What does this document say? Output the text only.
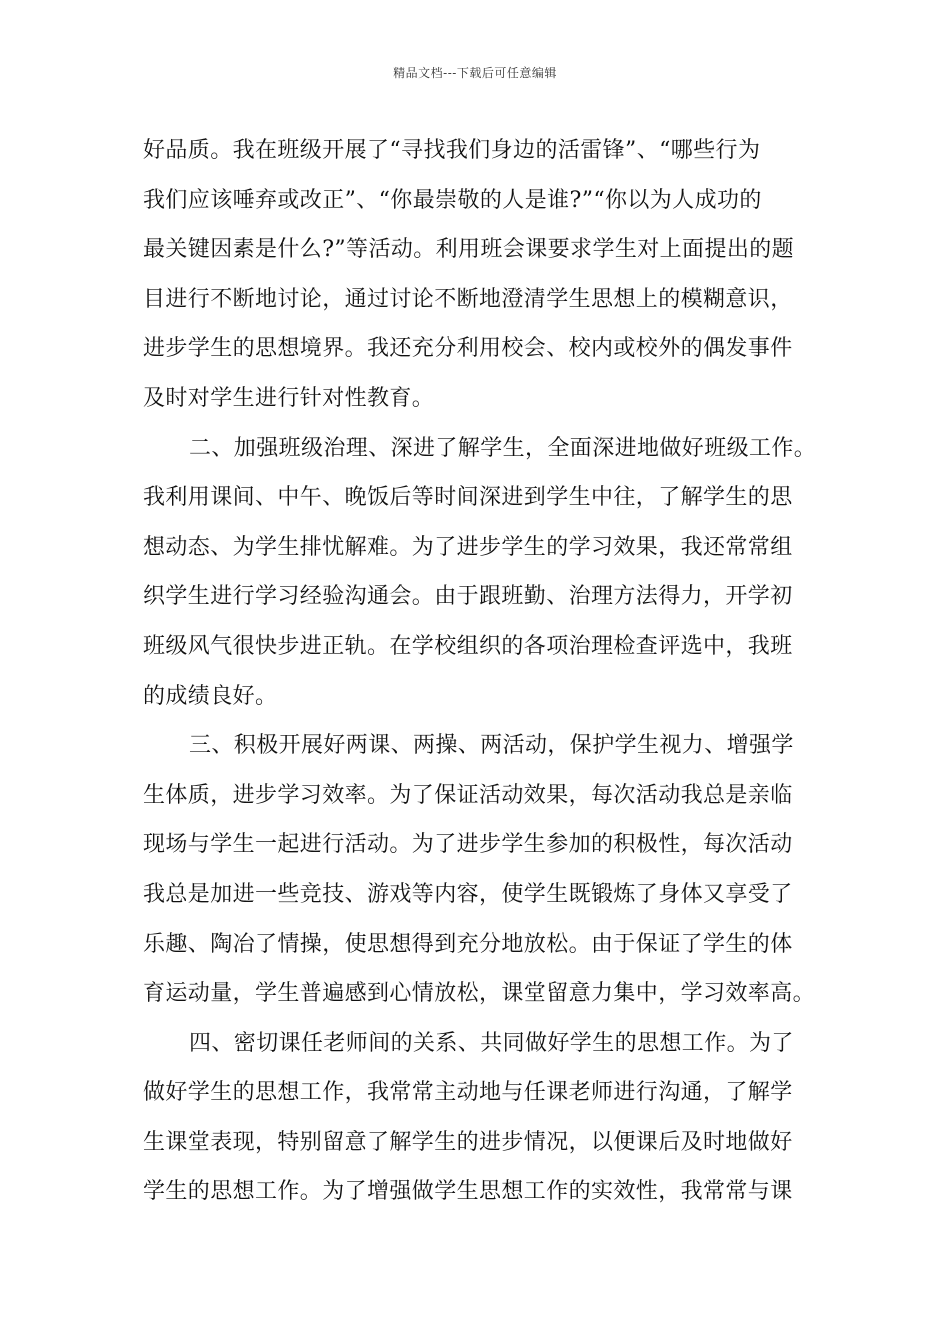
精品文档---下载后可任意编辑
好品质。我在班级开展了“寻找我们身边的活雷锋”、“哪些行为
我们应该唾弃或改正”、“你最崇敬的人是谁?”“你以为人成功的
最关键因素是什么?”等活动。利用班会课要求学生对上面提出的题
目进行不断地讨论，通过讨论不断地澄清学生思想上的模糊意识，
进步学生的思想境界。我还充分利用校会、校内或校外的偶发事件
及时对学生进行针对性教育。
二、加强班级治理、深进了解学生，全面深进地做好班级工作。
我利用课间、中午、晚饭后等时间深进到学生中往，了解学生的思
想动态、为学生排忧解难。为了进步学生的学习效果，我还常常组
织学生进行学习经验沟通会。由于跟班勤、治理方法得力，开学初
班级风气很快步进正轨。在学校组织的各项治理检查评选中，我班
的成绩良好。
三、积极开展好两课、两操、两活动，保护学生视力、增强学
生体质，进步学习效率。为了保证活动效果，每次活动我总是亲临
现场与学生一起进行活动。为了进步学生参加的积极性，每次活动
我总是加进一些竞技、游戏等内容，使学生既锻炼了身体又享受了
乐趣、陶冶了情操，使思想得到充分地放松。由于保证了学生的体
育运动量，学生普遍感到心情放松，课堂留意力集中，学习效率高。
四、密切课任老师间的关系、共同做好学生的思想工作。为了
做好学生的思想工作，我常常主动地与任课老师进行沟通，了解学
生课堂表现，特别留意了解学生的进步情况，以便课后及时地做好
学生的思想工作。为了增强做学生思想工作的实效性，我常常与课
